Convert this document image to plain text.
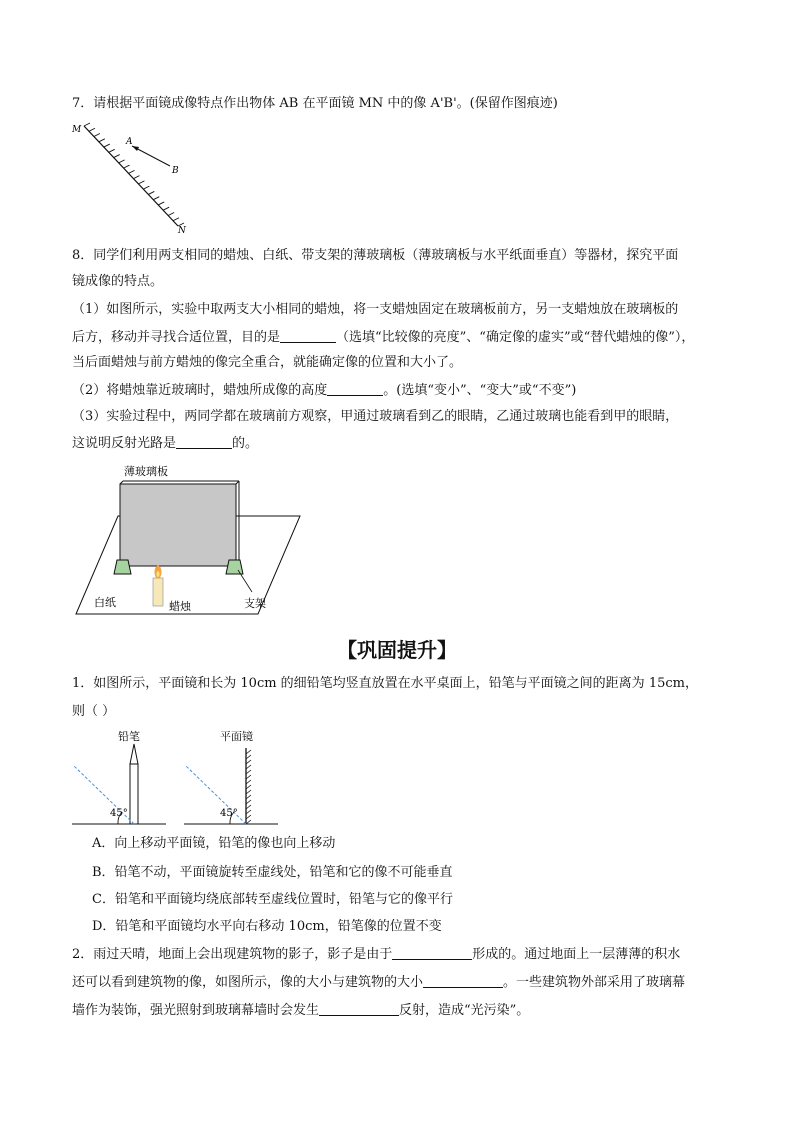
7．请根据平面镜成像特点作出物体 AB 在平面镜 MN 中的像 A'B'。(保留作图痕迹)
M
N
A
B
8．同学们利用两支相同的蜡烛、白纸、带支架的薄玻璃板（薄玻璃板与水平纸面垂直）等器材，探究平面
镜成像的特点。
（1）如图所示，实验中取两支大小相同的蜡烛，将一支蜡烛固定在玻璃板前方，另一支蜡烛放在玻璃板的
后方，移动并寻找合适位置，目的是	（选填“比较像的亮度”、“确定像的虚实”或“替代蜡烛的像”），
当后面蜡烛与前方蜡烛的像完全重合，就能确定像的位置和大小了。
（2）将蜡烛靠近玻璃时，蜡烛所成像的高度	。(选填“变小”、“变大”或“不变”)
（3）实验过程中，两同学都在玻璃前方观察，甲通过玻璃看到乙的眼睛，乙通过玻璃也能看到甲的眼睛，
这说明反射光路是	的。
薄玻璃板
白纸	蜡烛	支架
【巩固提升】
1．如图所示，平面镜和长为 10cm 的细铅笔均竖直放置在水平桌面上，铅笔与平面镜之间的距离为 15cm，
则（ ）
45°
铅笔
45°
平面镜
A．向上移动平面镜，铅笔的像也向上移动
B．铅笔不动，平面镜旋转至虚线处，铅笔和它的像不可能垂直
C．铅笔和平面镜均绕底部转至虚线位置时，铅笔与它的像平行
D．铅笔和平面镜均水平向右移动 10cm，铅笔像的位置不变
2．雨过天晴，地面上会出现建筑物的影子，影子是由于	形成的。通过地面上一层薄薄的积水
还可以看到建筑物的像，如图所示，像的大小与建筑物的大小	。一些建筑物外部采用了玻璃幕
墙作为装饰，强光照射到玻璃幕墙时会发生	反射，造成“光污染”。
